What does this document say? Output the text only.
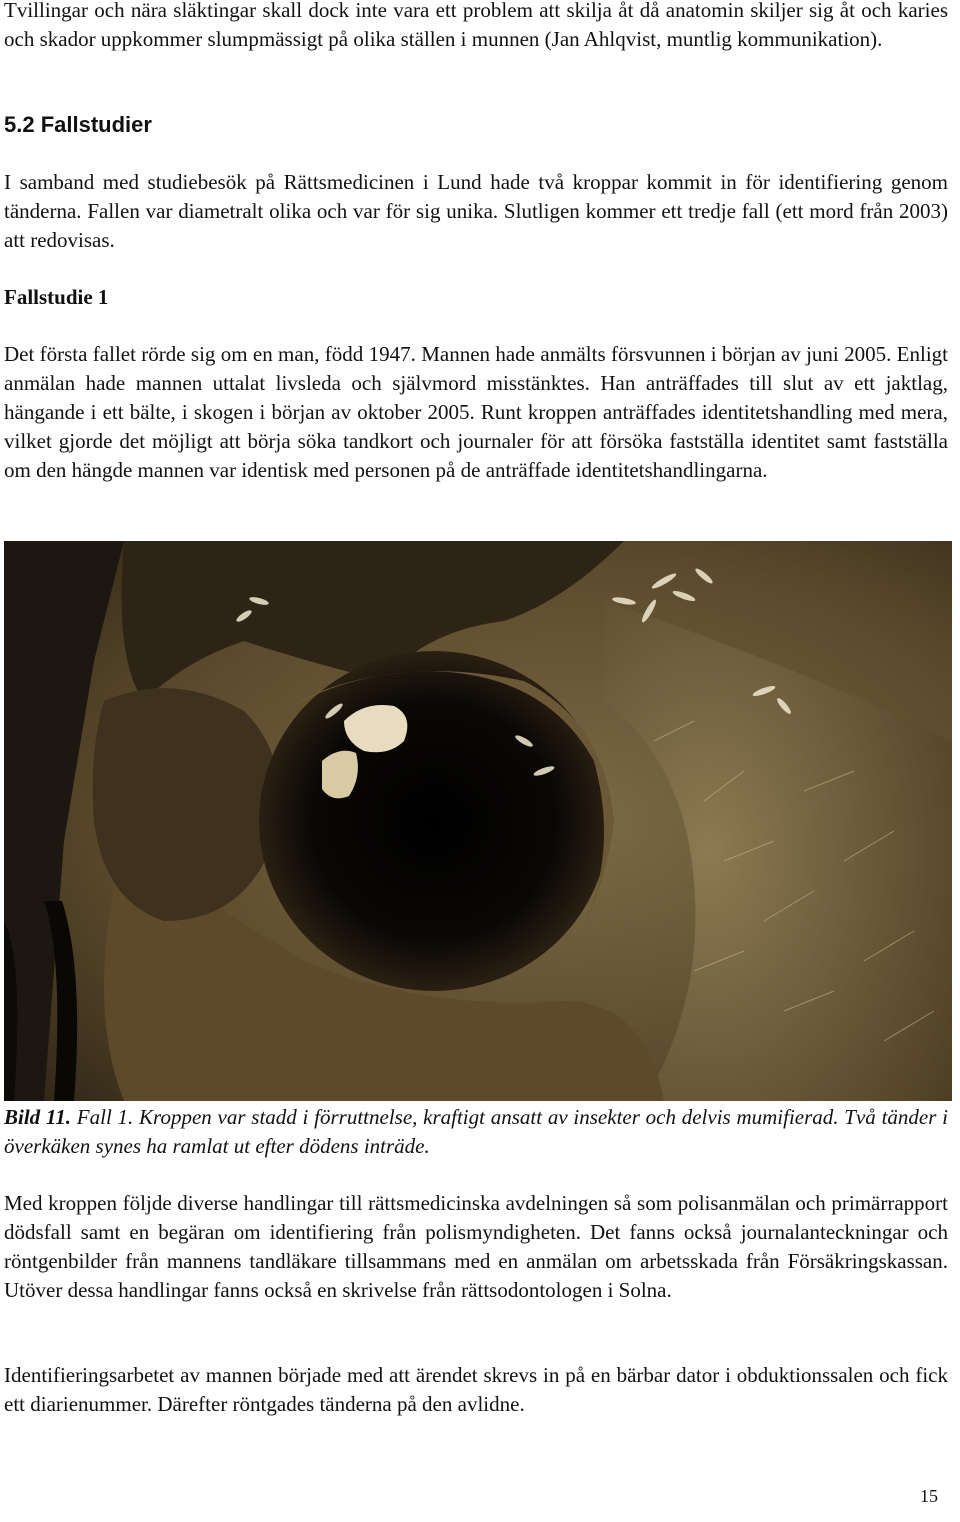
Tvillingar och nära släktingar skall dock inte vara ett problem att skilja åt då anatomin skiljer sig åt och karies och skador uppkommer slumpmässigt på olika ställen i munnen (Jan Ahlqvist, muntlig kommunikation).

5.2 Fallstudier

I samband med studiebesök på Rättsmedicinen i Lund hade två kroppar kommit in för identifiering genom tänderna. Fallen var diametralt olika och var för sig unika. Slutligen kommer ett tredje fall (ett mord från 2003) att redovisas.

Fallstudie 1

Det första fallet rörde sig om en man, född 1947. Mannen hade anmälts försvunnen i början av juni 2005. Enligt anmälan hade mannen uttalat livsleda och självmord misstänktes. Han anträffades till slut av ett jaktlag, hängande i ett bälte, i skogen i början av oktober 2005. Runt kroppen anträffades identitetshandling med mera, vilket gjorde det möjligt att börja söka tandkort och journaler för att försöka fastställa identitet samt fastställa om den hängde mannen var identisk med personen på de anträffade identitetshandlingarna.

Bild 11. Fall 1. Kroppen var stadd i förruttnelse, kraftigt ansatt av insekter och delvis mumifierad. Två tänder i överkäken synes ha ramlat ut efter dödens inträde.

Med kroppen följde diverse handlingar till rättsmedicinska avdelningen så som polisanmälan och primärrapport dödsfall samt en begäran om identifiering från polismyndigheten. Det fanns också journalanteckningar och röntgenbilder från mannens tandläkare tillsammans med en anmälan om arbetsskada från Försäkringskassan. Utöver dessa handlingar fanns också en skrivelse från rättsodontologen i Solna.

Identifieringsarbetet av mannen började med att ärendet skrevs in på en bärbar dator i obduktionssalen och fick ett diarienummer. Därefter röntgades tänderna på den avlidne.

15
